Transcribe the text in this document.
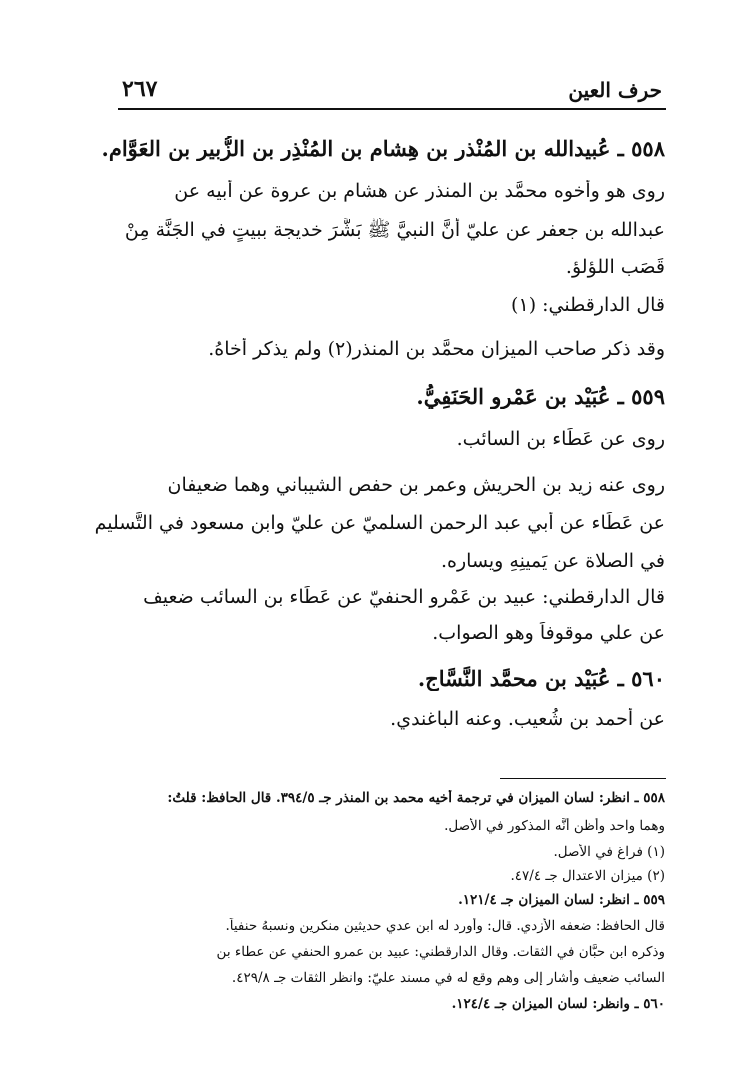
٢٦٧	حرف العين
٥٥٨ ـ عُبيدالله بن المُنْذر بن هِشام بن المُنْذِر بن الزُّبير بن العَوَّام.
روى هو وأخوه محمَّد بن المنذر عن هشام بن عروة عن أبيه عن
عبدالله بن جعفر عن عليّ أنَّ النبيَّ ﷺ بَشَّرَ خديجة ببيتٍ في الجَنَّة مِنْ
قَصَب اللؤلؤ.
قال الدارقطني: (١)
وقد ذكر صاحب الميزان محمَّد بن المنذر(٢) ولم يذكر أخاهُ.
٥٥٩ ـ عُبَيْد بن عَمْرو الحَنَفِيُّ.
روى عن عَطَاء بن السائب.
روى عنه زيد بن الحريش وعمر بن حفص الشيباني وهما ضعيفان
عن عَطَاء عن أبي عبد الرحمن السلميّ عن عليّ وابن مسعود في التَّسليم
في الصلاة عن يَمينِهِ ويساره.
قال الدارقطني: عبيد بن عَمْرو الحنفيّ عن عَطَاء بن السائب ضعيف
عن علي موقوفاً وهو الصواب.
٥٦٠ ـ عُبَيْد بن محمَّد النَّسَّاج.
عن أحمد بن شُعيب. وعنه الباغندي.
٥٥٨ ـ انظر: لسان الميزان في ترجمة أخيه محمد بن المنذر جـ ٣٩٤/٥. قال الحافظ: قلتُ:
وهما واحد وأظن أنَّه المذكور في الأصل.
(١) فراغ في الأصل.
(٢) ميزان الاعتدال جـ ٤٧/٤.
٥٥٩ ـ انظر: لسان الميزان جـ ١٢١/٤.
قال الحافظ: ضعفه الأزدي. قال: وأورد له ابن عدي حديثين منكرين ونسبهُ حنفياً.
وذكره ابن حبَّان في الثقات. وقال الدارقطني: عبيد بن عمرو الحنفي عن عطاء بن
السائب ضعيف وأشار إلى وهم وقع له في مسند عليّ: وانظر الثقات جـ ٤٢٩/٨.
٥٦٠ ـ وانظر: لسان الميزان جـ ١٢٤/٤.
